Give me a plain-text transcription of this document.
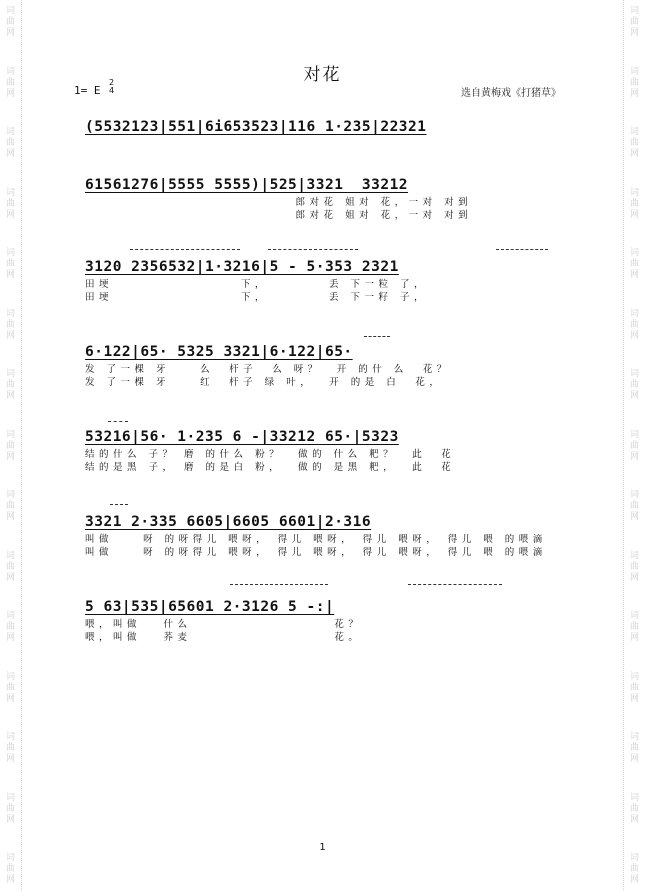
词
曲
网
词
曲
网
词
曲
网
词
曲
网
词
曲
网
词
曲
网
词
曲
网
词
曲
网
词
曲
网
词
曲
网
词
曲
网
词
曲
网
词
曲
网
词
曲
网
词
曲
网
词
曲
网
词
曲
网
词
曲
网
词
曲
网
词
曲
网
词
曲
网
词
曲
网
词
曲
网
词
曲
网
词
曲
网
词
曲
网
词
曲
网
词
曲
网
词
曲
网
词
曲
网
对花
1= E
2
4	选自黄梅戏《打猪草》
(5532123|551|6i653523|116 1·235|22321
61561276|5555 5555)|525|3321  33212
郎对花 姐对 花，一对 对到
郎对花 姐对 花，一对 对到
3120 2356532|1·3216|5 - 5·353 2321
田埂                 下，        丢 下一粒 了，
田埂                 下，        丢 下一籽 子，
6·122|65· 5325 3321|6·122|65·
发 了一棵 牙    么  杆子  么 呀？  开 的什 么  花？
发 了一棵 牙    红  杆子 绿 叶，  开 的是 白  花，
53216|56· 1·235 6 -|33212 65·|5323
结的什么 子？ 磨 的什么 粉？  做的 什么 粑？  此  花
结的是黑 子， 磨 的是白 粉，  做的 是黑 粑，  此  花
3321 2·335 6605|6605 6601|2·316
叫做    呀 的呀得儿 喂呀， 得儿 喂呀， 得儿 喂呀， 得儿 喂 的喂滴
叫做    呀 的呀得儿 喂呀， 得儿 喂呀， 得儿 喂呀， 得儿 喂 的喂滴
5 63|535|65601 2·3126 5 -:|
喂，叫做   什么                   花？
喂，叫做   荞麦                   花。
1
